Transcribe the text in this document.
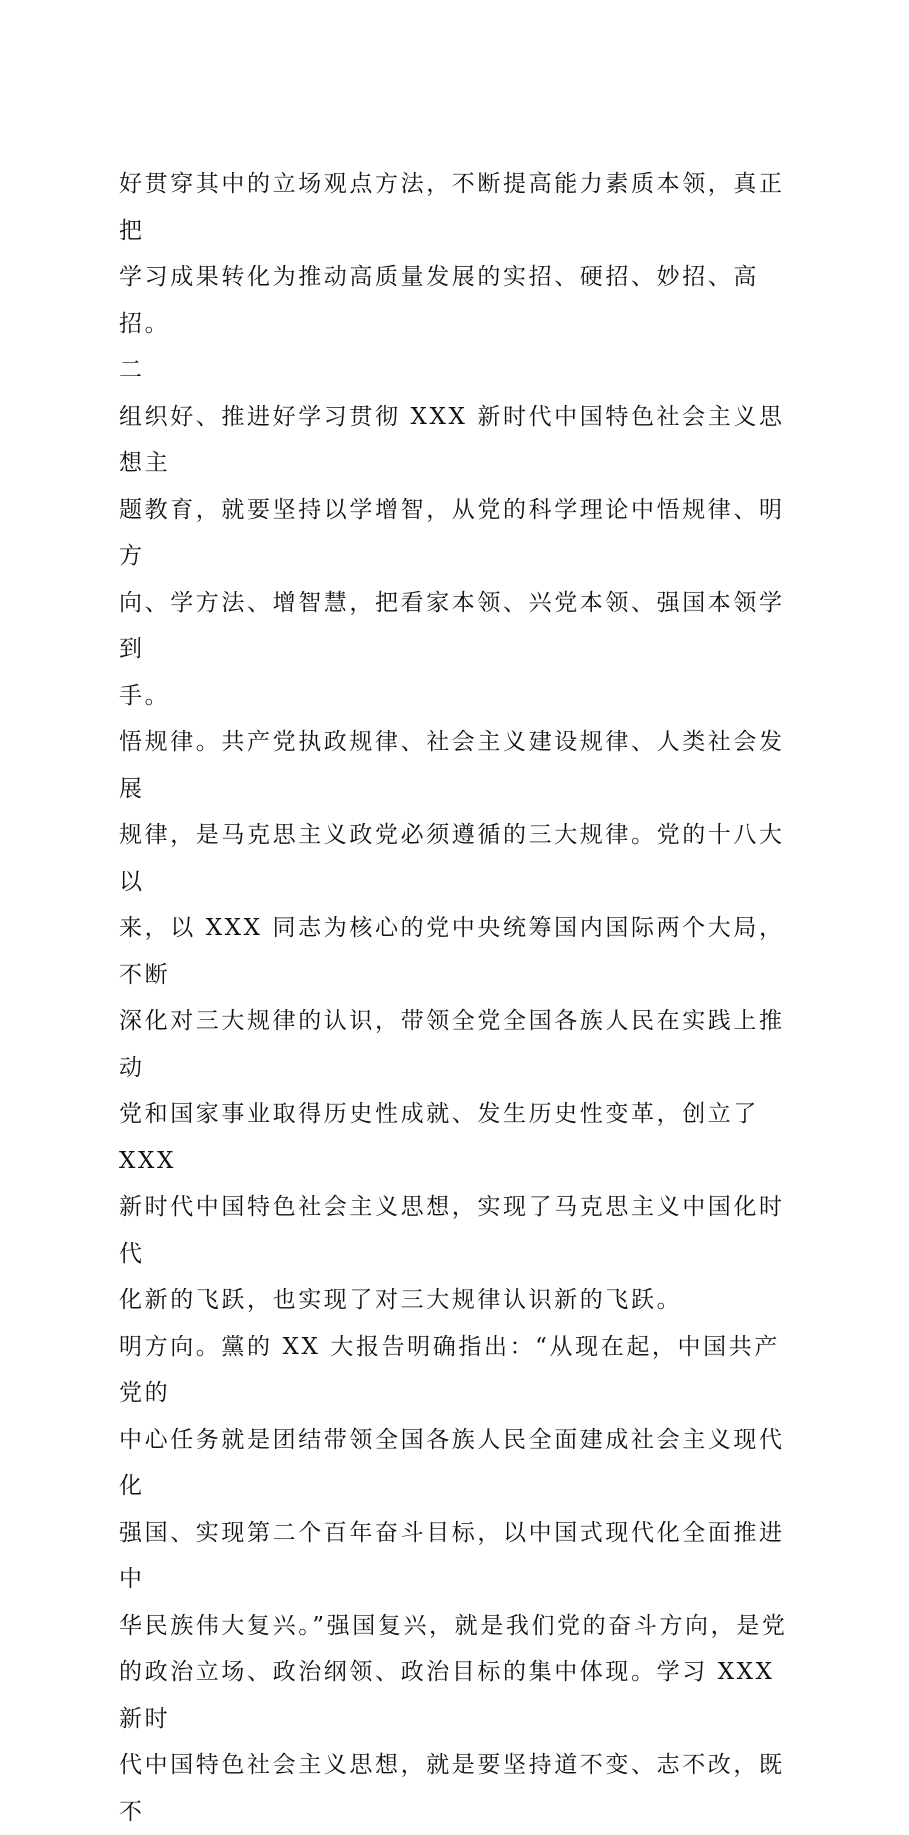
好贯穿其中的立场观点方法，不断提高能力素质本领，真正把

学习成果转化为推动高质量发展的实招、硬招、妙招、高招。

二

组织好、推进好学习贯彻 XXX 新时代中国特色社会主义思想主

题教育，就要坚持以学增智，从党的科学理论中悟规律、明方

向、学方法、增智慧，把看家本领、兴党本领、强国本领学到

手。

悟规律。共产党执政规律、社会主义建设规律、人类社会发展

规律，是马克思主义政党必须遵循的三大规律。党的十八大以

来，以 XXX 同志为核心的党中央统筹国内国际两个大局，不断

深化对三大规律的认识，带领全党全国各族人民在实践上推动

党和国家事业取得历史性成就、发生历史性变革，创立了 XXX

新时代中国特色社会主义思想，实现了马克思主义中国化时代

化新的飞跃，也实现了对三大规律认识新的飞跃。

明方向。黨的 XX 大报告明确指出：“从现在起，中国共产党的

中心任务就是团结带领全国各族人民全面建成社会主义现代化

强国、实现第二个百年奋斗目标，以中国式现代化全面推进中

华民族伟大复兴。”强国复兴，就是我们党的奋斗方向，是党

的政治立场、政治纲领、政治目标的集中体现。学习 XXX 新时

代中国特色社会主义思想，就是要坚持道不变、志不改，既不
